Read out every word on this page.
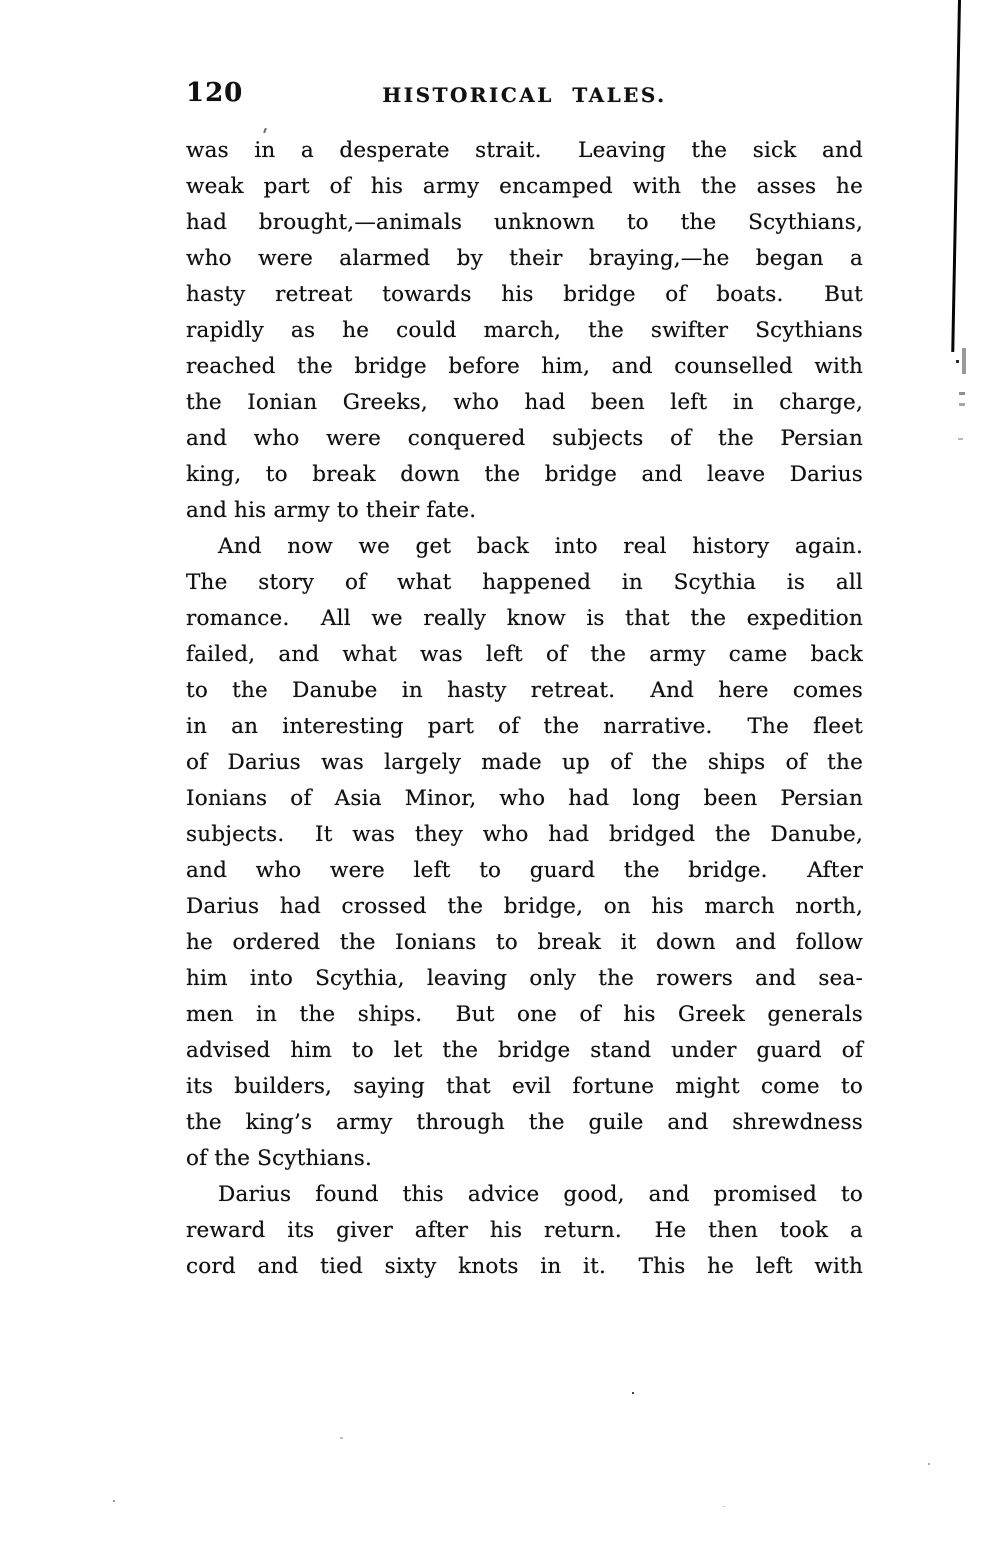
120	HISTORICAL TALES.
was in a desperate strait.  Leaving the sick and
weak part of his army encamped with the asses he
had brought,—animals unknown to the Scythians,
who were alarmed by their braying,—he began a
hasty retreat towards his bridge of boats.  But
rapidly as he could march, the swifter Scythians
reached the bridge before him, and counselled with
the Ionian Greeks, who had been left in charge,
and who were conquered subjects of the Persian
king, to break down the bridge and leave Darius
and his army to their fate.
And now we get back into real history again.
The story of what happened in Scythia is all
romance.  All we really know is that the expedition
failed, and what was left of the army came back
to the Danube in hasty retreat.  And here comes
in an interesting part of the narrative.  The fleet
of Darius was largely made up of the ships of the
Ionians of Asia Minor, who had long been Persian
subjects.  It was they who had bridged the Danube,
and who were left to guard the bridge.  After
Darius had crossed the bridge, on his march north,
he ordered the Ionians to break it down and follow
him into Scythia, leaving only the rowers and sea-
men in the ships.  But one of his Greek generals
advised him to let the bridge stand under guard of
its builders, saying that evil fortune might come to
the king’s army through the guile and shrewdness
of the Scythians.
Darius found this advice good, and promised to
reward its giver after his return.  He then took a
cord and tied sixty knots in it.  This he left with
